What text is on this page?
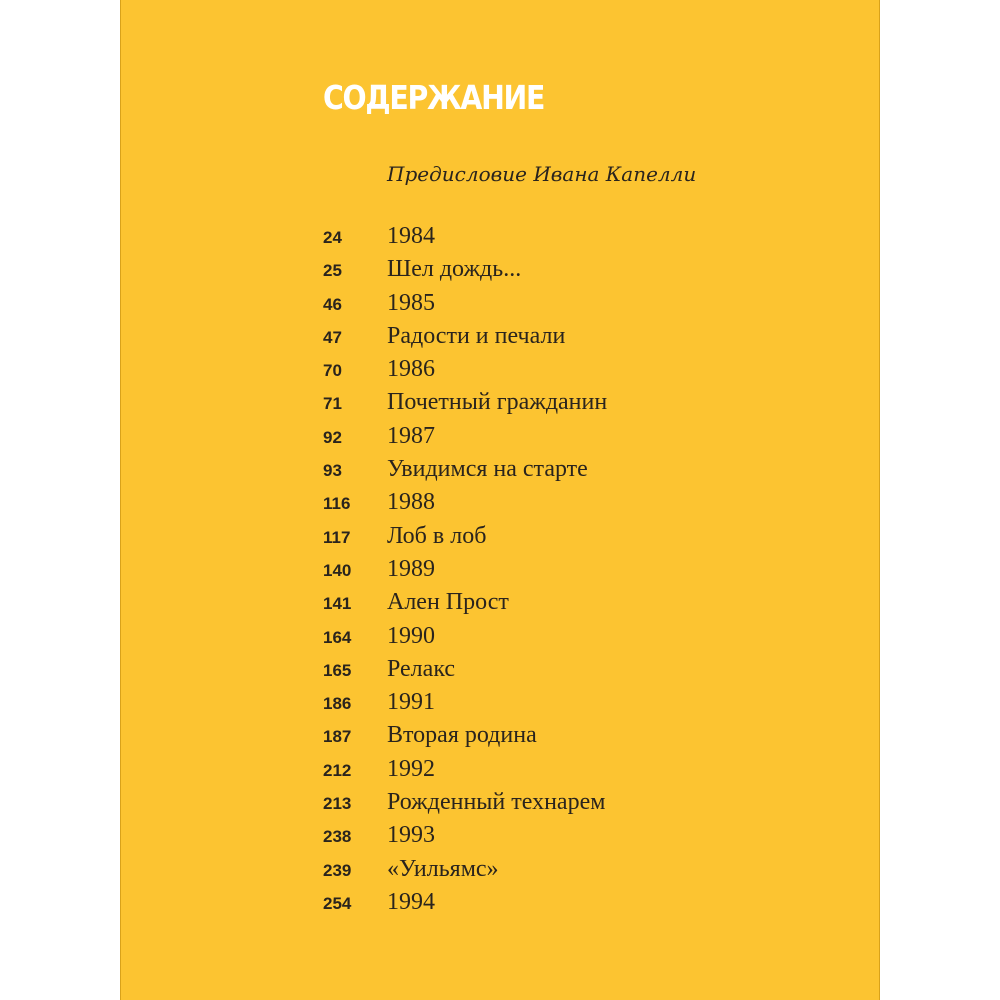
СОДЕРЖАНИЕ
Предисловие Ивана Капелли
24	1984
25	Шел дождь...
46	1985
47	Радости и печали
70	1986
71	Почетный гражданин
92	1987
93	Увидимся на старте
116	1988
117	Лоб в лоб
140	1989
141	Ален Прост
164	1990
165	Релакс
186	1991
187	Вторая родина
212	1992
213	Рожденный технарем
238	1993
239	«Уильямс»
254	1994
